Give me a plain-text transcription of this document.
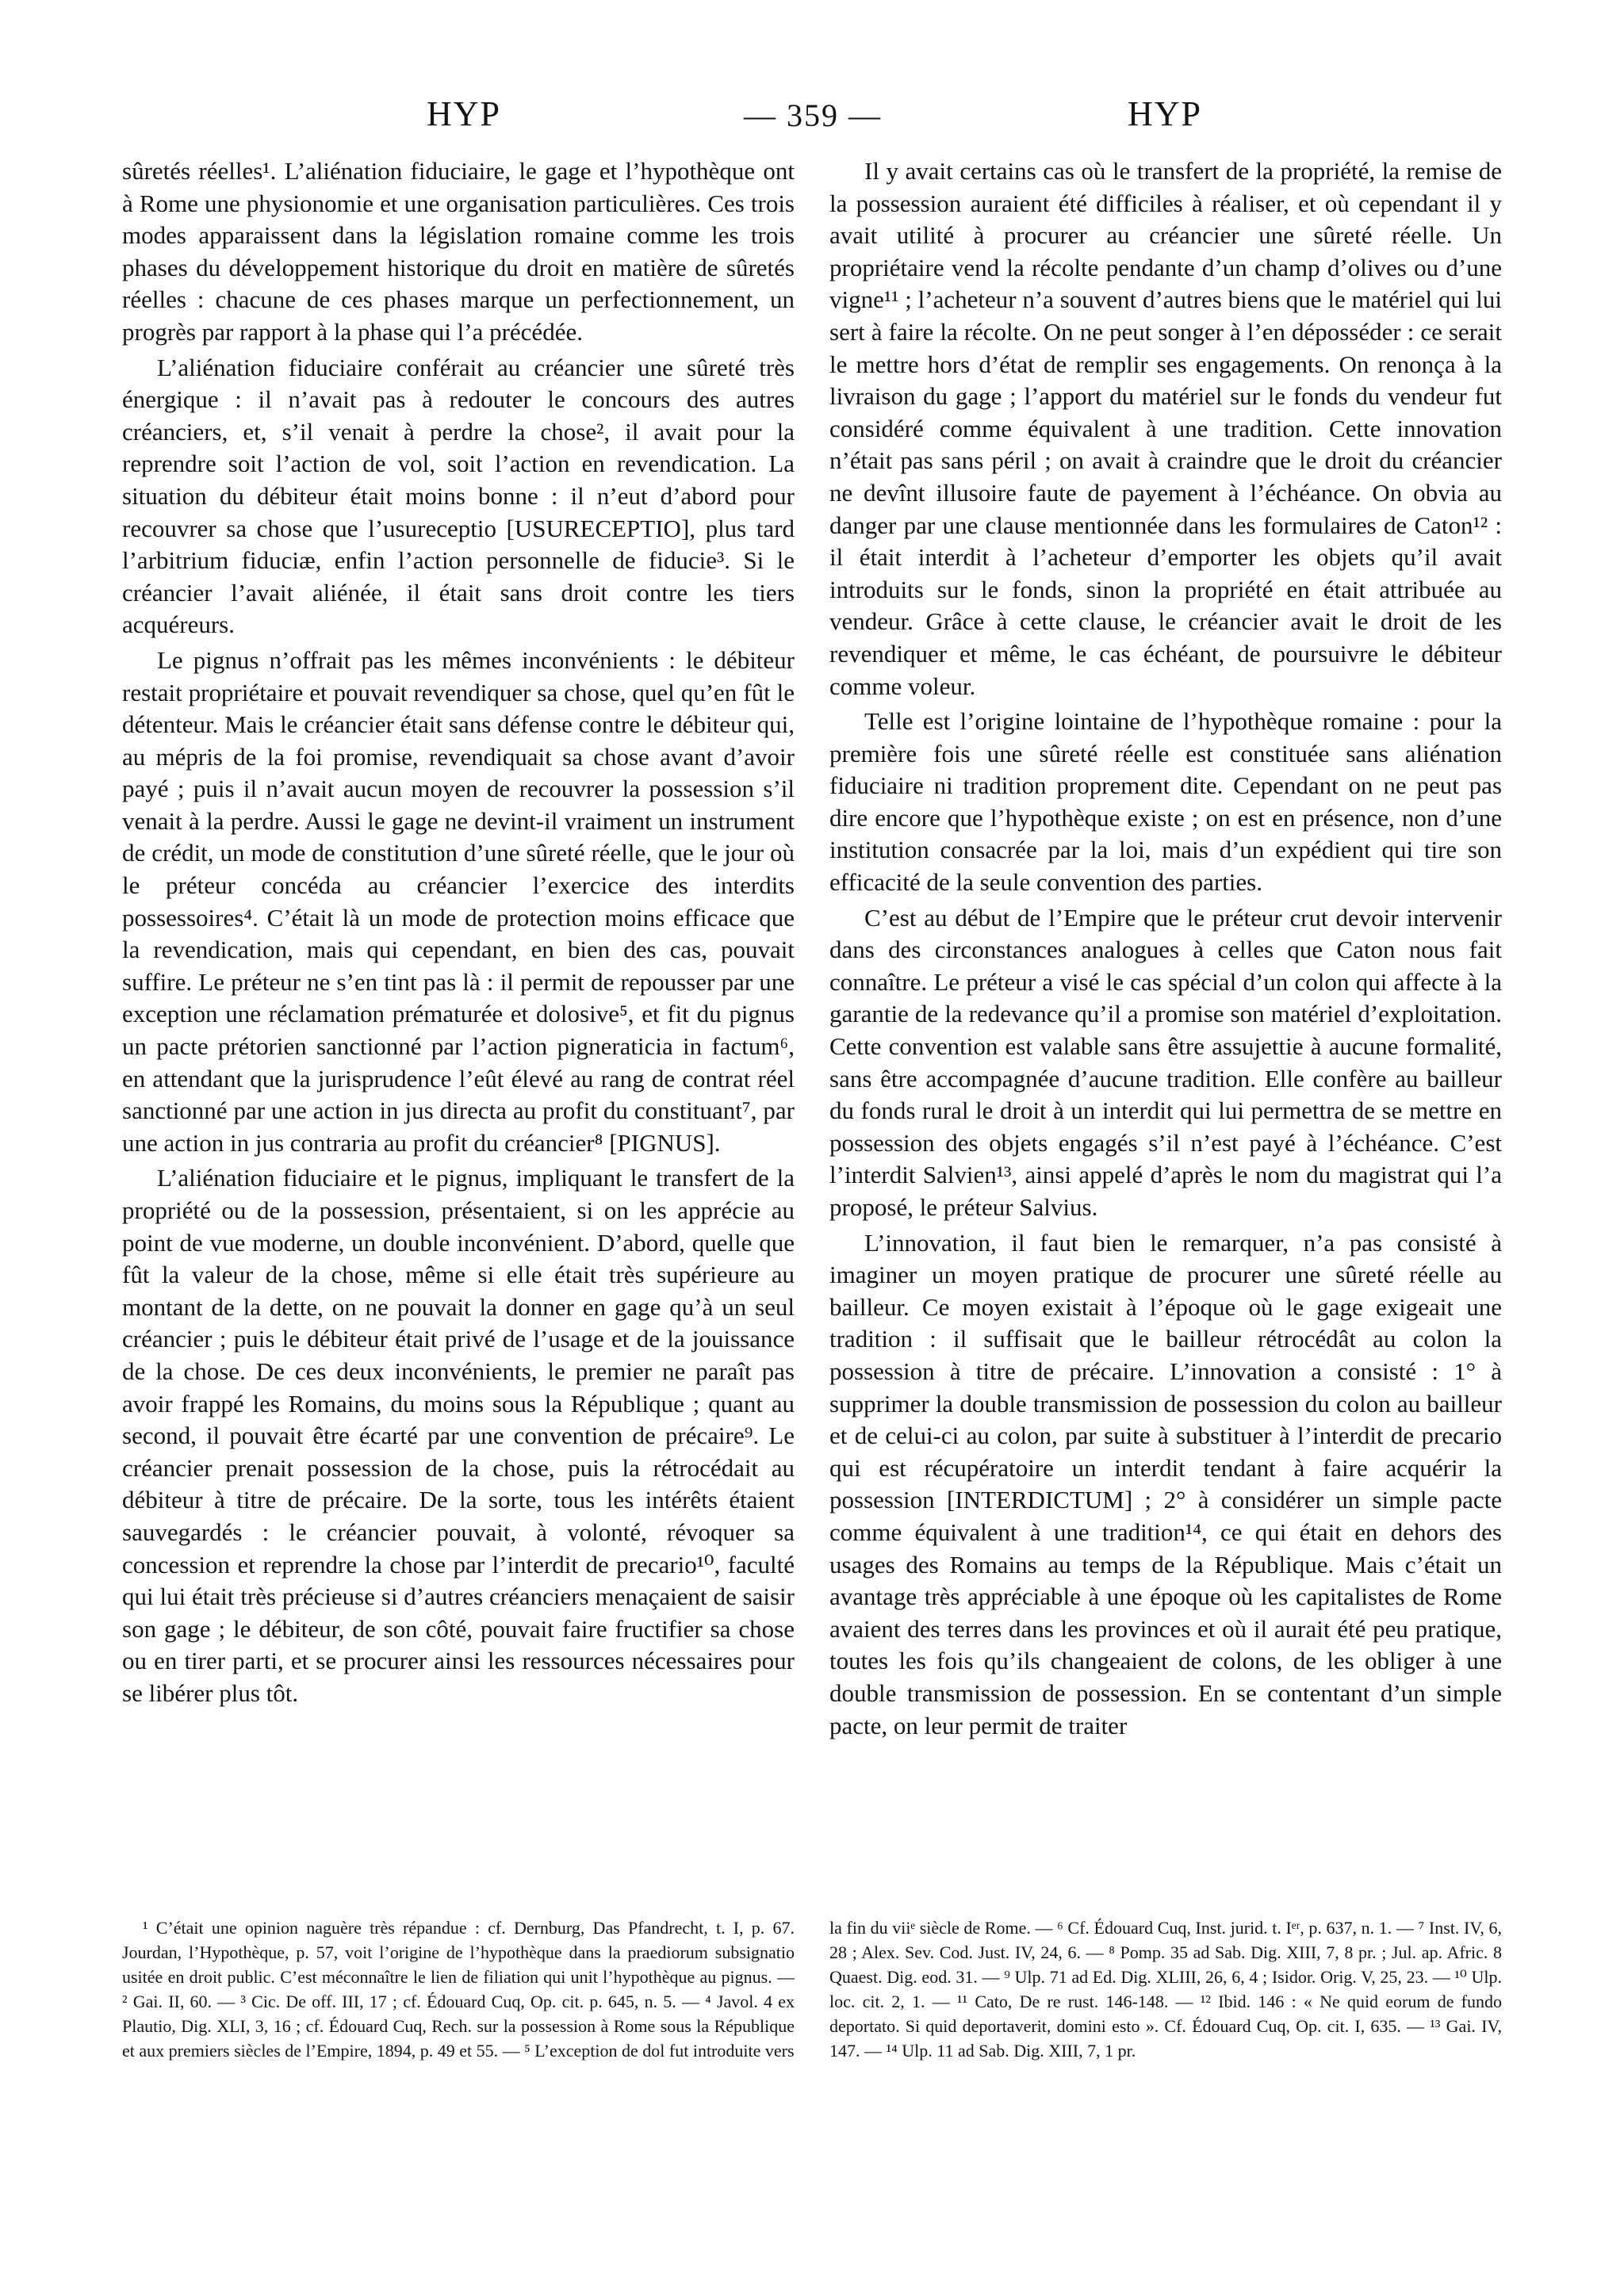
HYP	— 359 —	HYP

sûretés réelles¹. L’aliénation fiduciaire, le gage et l’hypothèque ont à Rome une physionomie et une organisation particulières. Ces trois modes apparaissent dans la législation romaine comme les trois phases du développement historique du droit en matière de sûretés réelles : chacune de ces phases marque un perfectionnement, un progrès par rapport à la phase qui l’a précédée.

L’aliénation fiduciaire conférait au créancier une sûreté très énergique : il n’avait pas à redouter le concours des autres créanciers, et, s’il venait à perdre la chose², il avait pour la reprendre soit l’action de vol, soit l’action en revendication. La situation du débiteur était moins bonne : il n’eut d’abord pour recouvrer sa chose que l’usureceptio [USURECEPTIO], plus tard l’arbitrium fiduciæ, enfin l’action personnelle de fiducie³. Si le créancier l’avait aliénée, il était sans droit contre les tiers acquéreurs.

Le pignus n’offrait pas les mêmes inconvénients : le débiteur restait propriétaire et pouvait revendiquer sa chose, quel qu’en fût le détenteur. Mais le créancier était sans défense contre le débiteur qui, au mépris de la foi promise, revendiquait sa chose avant d’avoir payé ; puis il n’avait aucun moyen de recouvrer la possession s’il venait à la perdre. Aussi le gage ne devint-il vraiment un instrument de crédit, un mode de constitution d’une sûreté réelle, que le jour où le préteur concéda au créancier l’exercice des interdits possessoires⁴. C’était là un mode de protection moins efficace que la revendication, mais qui cependant, en bien des cas, pouvait suffire. Le préteur ne s’en tint pas là : il permit de repousser par une exception une réclamation prématurée et dolosive⁵, et fit du pignus un pacte prétorien sanctionné par l’action pigneraticia in factum⁶, en attendant que la jurisprudence l’eût élevé au rang de contrat réel sanctionné par une action in jus directa au profit du constituant⁷, par une action in jus contraria au profit du créancier⁸ [PIGNUS].

L’aliénation fiduciaire et le pignus, impliquant le transfert de la propriété ou de la possession, présentaient, si on les apprécie au point de vue moderne, un double inconvénient. D’abord, quelle que fût la valeur de la chose, même si elle était très supérieure au montant de la dette, on ne pouvait la donner en gage qu’à un seul créancier ; puis le débiteur était privé de l’usage et de la jouissance de la chose. De ces deux inconvénients, le premier ne paraît pas avoir frappé les Romains, du moins sous la République ; quant au second, il pouvait être écarté par une convention de précaire⁹. Le créancier prenait possession de la chose, puis la rétrocédait au débiteur à titre de précaire. De la sorte, tous les intérêts étaient sauvegardés : le créancier pouvait, à volonté, révoquer sa concession et reprendre la chose par l’interdit de precario¹⁰, faculté qui lui était très précieuse si d’autres créanciers menaçaient de saisir son gage ; le débiteur, de son côté, pouvait faire fructifier sa chose ou en tirer parti, et se procurer ainsi les ressources nécessaires pour se libérer plus tôt.

Il y avait certains cas où le transfert de la propriété, la remise de la possession auraient été difficiles à réaliser, et où cependant il y avait utilité à procurer au créancier une sûreté réelle. Un propriétaire vend la récolte pendante d’un champ d’olives ou d’une vigne¹¹ ; l’acheteur n’a souvent d’autres biens que le matériel qui lui sert à faire la récolte. On ne peut songer à l’en déposséder : ce serait le mettre hors d’état de remplir ses engagements. On renonça à la livraison du gage ; l’apport du matériel sur le fonds du vendeur fut considéré comme équivalent à une tradition. Cette innovation n’était pas sans péril ; on avait à craindre que le droit du créancier ne devînt illusoire faute de payement à l’échéance. On obvia au danger par une clause mentionnée dans les formulaires de Caton¹² : il était interdit à l’acheteur d’emporter les objets qu’il avait introduits sur le fonds, sinon la propriété en était attribuée au vendeur. Grâce à cette clause, le créancier avait le droit de les revendiquer et même, le cas échéant, de poursuivre le débiteur comme voleur.

Telle est l’origine lointaine de l’hypothèque romaine : pour la première fois une sûreté réelle est constituée sans aliénation fiduciaire ni tradition proprement dite. Cependant on ne peut pas dire encore que l’hypothèque existe ; on est en présence, non d’une institution consacrée par la loi, mais d’un expédient qui tire son efficacité de la seule convention des parties.

C’est au début de l’Empire que le préteur crut devoir intervenir dans des circonstances analogues à celles que Caton nous fait connaître. Le préteur a visé le cas spécial d’un colon qui affecte à la garantie de la redevance qu’il a promise son matériel d’exploitation. Cette convention est valable sans être assujettie à aucune formalité, sans être accompagnée d’aucune tradition. Elle confère au bailleur du fonds rural le droit à un interdit qui lui permettra de se mettre en possession des objets engagés s’il n’est payé à l’échéance. C’est l’interdit Salvien¹³, ainsi appelé d’après le nom du magistrat qui l’a proposé, le préteur Salvius.

L’innovation, il faut bien le remarquer, n’a pas consisté à imaginer un moyen pratique de procurer une sûreté réelle au bailleur. Ce moyen existait à l’époque où le gage exigeait une tradition : il suffisait que le bailleur rétrocédât au colon la possession à titre de précaire. L’innovation a consisté : 1° à supprimer la double transmission de possession du colon au bailleur et de celui-ci au colon, par suite à substituer à l’interdit de precario qui est récupératoire un interdit tendant à faire acquérir la possession [INTERDICTUM] ; 2° à considérer un simple pacte comme équivalent à une tradition¹⁴, ce qui était en dehors des usages des Romains au temps de la République. Mais c’était un avantage très appréciable à une époque où les capitalistes de Rome avaient des terres dans les provinces et où il aurait été peu pratique, toutes les fois qu’ils changeaient de colons, de les obliger à une double transmission de possession. En se contentant d’un simple pacte, on leur permit de traiter

¹ C’était une opinion naguère très répandue : cf. Dernburg, Das Pfandrecht, t. I, p. 67. Jourdan, l’Hypothèque, p. 57, voit l’origine de l’hypothèque dans la praediorum subsignatio usitée en droit public. C’est méconnaître le lien de filiation qui unit l’hypothèque au pignus. — ² Gai. II, 60. — ³ Cic. De off. III, 17 ; cf. Édouard Cuq, Op. cit. p. 645, n. 5. — ⁴ Javol. 4 ex Plautio, Dig. XLI, 3, 16 ; cf. Édouard Cuq, Rech. sur la possession à Rome sous la République et aux premiers siècles de l’Empire, 1894, p. 49 et 55. — ⁵ L’exception de dol fut introduite vers

la fin du viiᵉ siècle de Rome. — ⁶ Cf. Édouard Cuq, Inst. jurid. t. Iᵉʳ, p. 637, n. 1. — ⁷ Inst. IV, 6, 28 ; Alex. Sev. Cod. Just. IV, 24, 6. — ⁸ Pomp. 35 ad Sab. Dig. XIII, 7, 8 pr. ; Jul. ap. Afric. 8 Quaest. Dig. eod. 31. — ⁹ Ulp. 71 ad Ed. Dig. XLIII, 26, 6, 4 ; Isidor. Orig. V, 25, 23. — ¹⁰ Ulp. loc. cit. 2, 1. — ¹¹ Cato, De re rust. 146-148. — ¹² Ibid. 146 : « Ne quid eorum de fundo deportato. Si quid deportaverit, domini esto ». Cf. Édouard Cuq, Op. cit. I, 635. — ¹³ Gai. IV, 147. — ¹⁴ Ulp. 11 ad Sab. Dig. XIII, 7, 1 pr.
